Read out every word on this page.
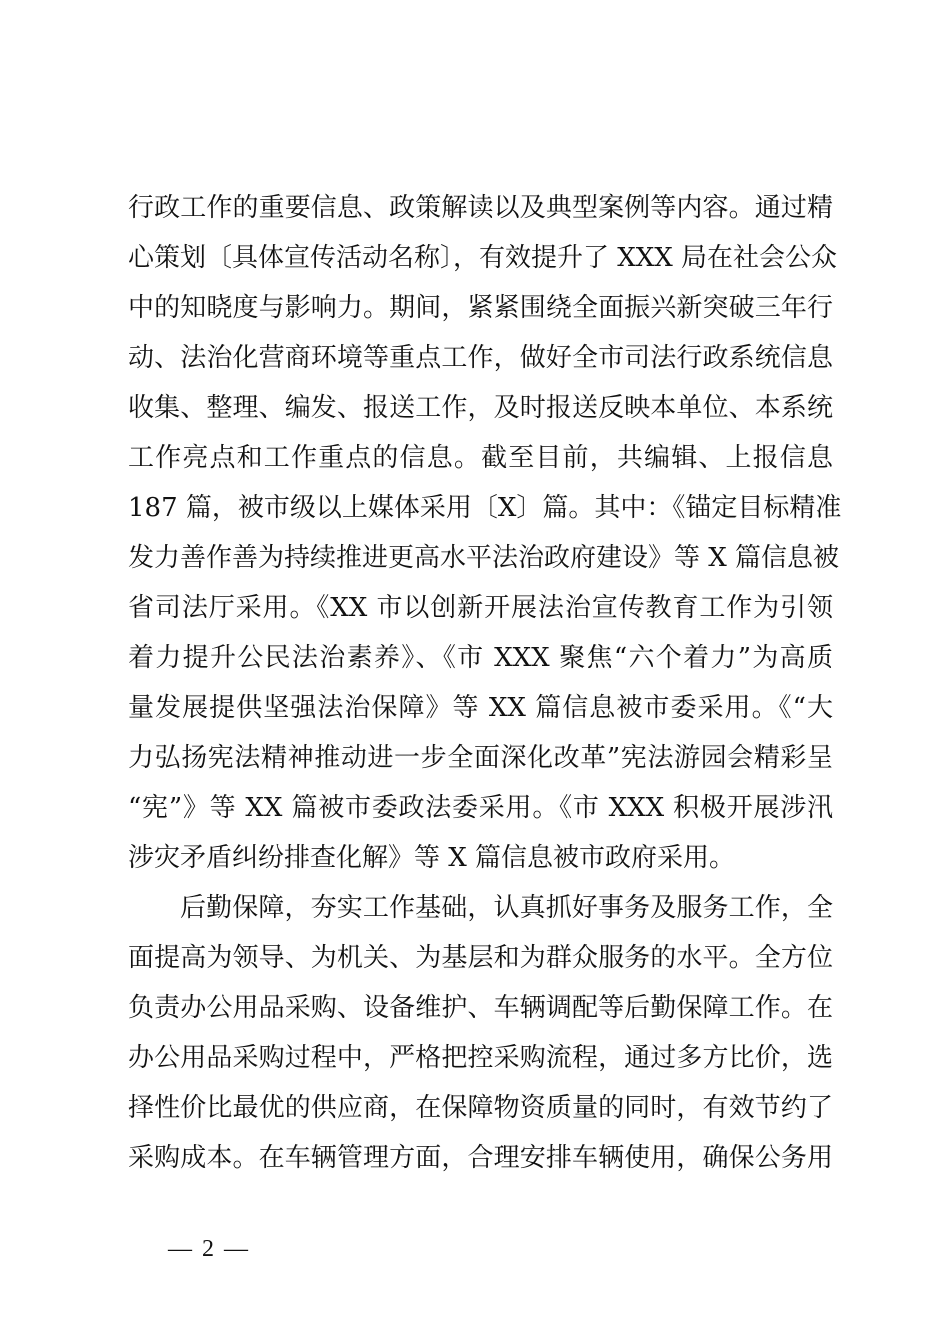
行政工作的重要信息、政策解读以及典型案例等内容。通过精
心策划〔具体宣传活动名称〕，有效提升了 XXX 局在社会公众
中的知晓度与影响力。期间，紧紧围绕全面振兴新突破三年行
动、法治化营商环境等重点工作，做好全市司法行政系统信息
收集、整理、编发、报送工作，及时报送反映本单位、本系统
工作亮点和工作重点的信息。截至目前，共编辑、上报信息
187 篇，被市级以上媒体采用〔X〕篇。其中：《锚定目标精准
发力善作善为持续推进更高水平法治政府建设》等 X 篇信息被
省司法厅采用。《XX 市以创新开展法治宣传教育工作为引领
着力提升公民法治素养》、《市 XXX 聚焦“六个着力”为高质
量发展提供坚强法治保障》等 XX 篇信息被市委采用。《“大
力弘扬宪法精神推动进一步全面深化改革”宪法游园会精彩呈
“宪”》等 XX 篇被市委政法委采用。《市 XXX 积极开展涉汛
涉灾矛盾纠纷排查化解》等 X 篇信息被市政府采用。
后勤保障，夯实工作基础，认真抓好事务及服务工作，全
面提高为领导、为机关、为基层和为群众服务的水平。全方位
负责办公用品采购、设备维护、车辆调配等后勤保障工作。在
办公用品采购过程中，严格把控采购流程，通过多方比价，选
择性价比最优的供应商，在保障物资质量的同时，有效节约了
采购成本。在车辆管理方面，合理安排车辆使用，确保公务用
— 2 —
